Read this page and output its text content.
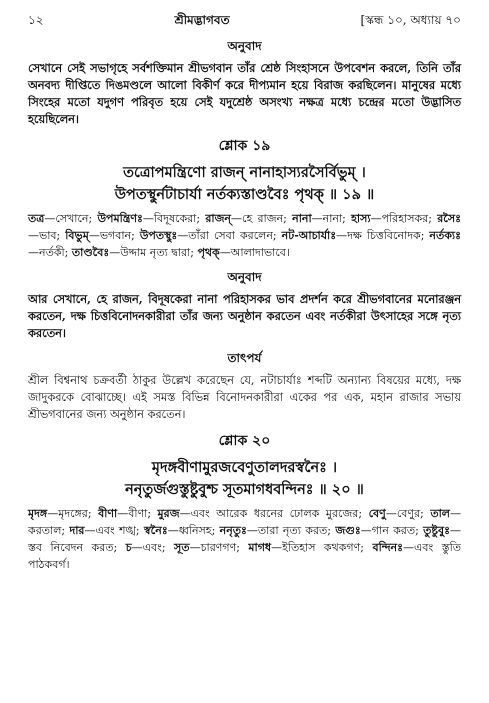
১২	শ্রীমদ্ভাগবত	[স্কন্ধ ১০, অধ্যায় ৭০
অনুবাদ
সেখানে সেই সভাগৃহে সর্বশক্তিমান শ্রীভগবান তাঁর শ্রেষ্ঠ সিংহাসনে উপবেশন করলে, তিনি তাঁর অনবদ্য দীপ্তিতে দিঙমণ্ডলে আলো বিকীর্ণ করে দীপ্যমান হয়ে বিরাজ করছিলেন। মানুষের মধ্যে সিংহের মতো যদুগণ পরিবৃত হয়ে সেই যদুশ্রেষ্ঠ অসংখ্য নক্ষত্র মধ্যে চন্দ্রের মতো উদ্ভাসিত হয়েছিলেন।
শ্লোক ১৯
তত্রোপমন্ত্রিণো রাজন্ নানাহাস্যরসৈর্বিভুম্ ।
উপতস্থুর্নটাচার্যা নর্তক্যস্তাণ্ডবৈঃ পৃথক্ ॥ ১৯ ॥
তত্র—সেখানে; উপমন্ত্রিণঃ—বিদূষকেরা; রাজন্—হে রাজন; নানা—নানা; হাস্য—পরিহাসকর; রসৈঃ—ভাব; বিভুম্—ভগবান; উপতস্থুঃ—তাঁরা সেবা করলেন; নট-আচার্যাঃ—দক্ষ চিত্তবিনোদক; নর্তক্যঃ—নর্তকী; তাণ্ডবৈঃ—উদ্দাম নৃত্য দ্বারা; পৃথক্—আলাদাভাবে।
অনুবাদ
আর সেখানে, হে রাজন, বিদূষকেরা নানা পরিহাসকর ভাব প্রদর্শন করে শ্রীভগবানের মনোরঞ্জন করতেন, দক্ষ চিত্তবিনোদনকারীরা তাঁর জন্য অনুষ্ঠান করতেন এবং নর্তকীরা উৎসাহের সঙ্গে নৃত্য করতেন।
তাৎপর্য
শ্রীল বিশ্বনাথ চক্রবর্তী ঠাকুর উল্লেখ করেছেন যে, নটাচার্যাঃ শব্দটি অন্যান্য বিষয়ের মধ্যে, দক্ষ জাদুকরকে বোঝাচ্ছে। এই সমস্ত বিভিন্ন বিনোদনকারীরা একের পর এক, মহান রাজার সভায় শ্রীভগবানের জন্য অনুষ্ঠান করতেন।
শ্লোক ২০
মৃদঙ্গবীণামুরজবেণুতালদরস্বনৈঃ ।
ননৃতুর্জগুস্তুষ্টুবুশ্চ সূতমাগধবন্দিনঃ ॥ ২০ ॥
মৃদঙ্গ—মৃদঙ্গের; বীণা—বীণা; মুরজ—এবং আরেক ধরনের ঢোলক মুরজের; বেণু—বেণুর; তাল—করতাল; দার—এবং শঙ্খ; স্বনৈঃ—ধ্বনিসহ; ননৃতুঃ—তারা নৃত্য করত; জগুঃ—গান করত; তুষ্টুবুঃ—স্তব নিবেদন করত; চ—এবং; সূত—চারণগণ; মাগধ—ইতিহাস কথকগণ; বন্দিনঃ—এবং স্তুতি পাঠকবর্গ।
